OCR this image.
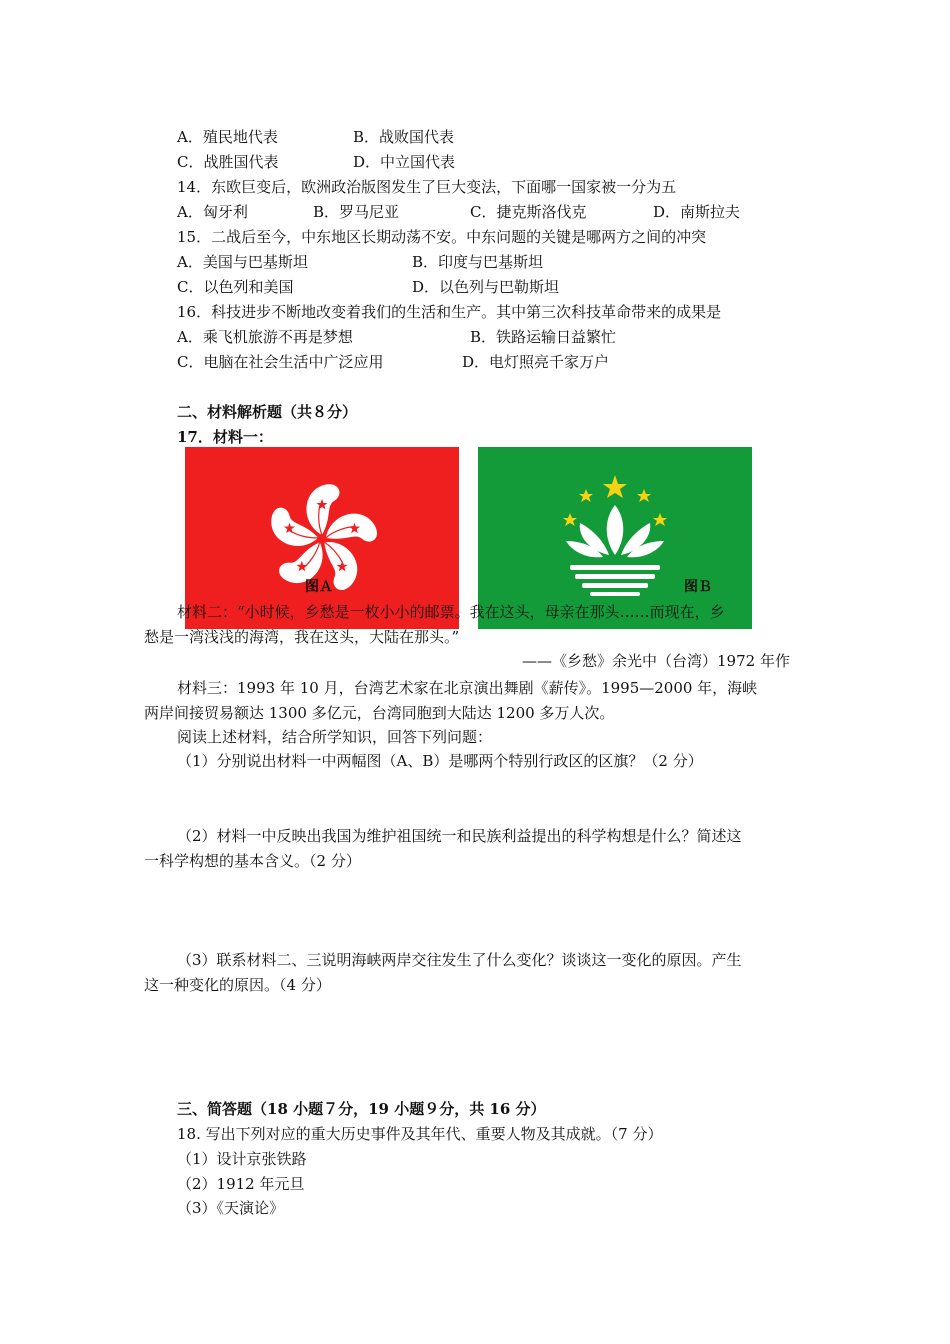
A．殖民地代表	B．战败国代表
C．战胜国代表	D．中立国代表
14．东欧巨变后，欧洲政治版图发生了巨大变法，下面哪一国家被一分为五
A．匈牙利	B．罗马尼亚	C．捷克斯洛伐克	D．南斯拉夫
15．二战后至今，中东地区长期动荡不安。中东问题的关键是哪两方之间的冲突
A．美国与巴基斯坦	B．印度与巴基斯坦
C．以色列和美国	D．以色列与巴勒斯坦
16．科技进步不断地改变着我们的生活和生产。其中第三次科技革命带来的成果是
A．乘飞机旅游不再是梦想	B．铁路运输日益繁忙
C．电脑在社会生活中广泛应用	D．电灯照亮千家万户
二、材料解析题（共８分）
17．材料一：
图Ａ	图Ｂ
材料二：“小时候，乡愁是一枚小小的邮票。我在这头，母亲在那头……而现在，乡
愁是一湾浅浅的海湾，我在这头，大陆在那头。”
——《乡愁》余光中（台湾）1972 年作
材料三：1993 年 10 月，台湾艺术家在北京演出舞剧《薪传》。1995—2000 年，海峡
两岸间接贸易额达 1300 多亿元，台湾同胞到大陆达 1200 多万人次。
阅读上述材料，结合所学知识，回答下列问题：
（1）分别说出材料一中两幅图（A、B）是哪两个特别行政区的区旗？（2 分）
（2）材料一中反映出我国为维护祖国统一和民族利益提出的科学构想是什么？简述这
一科学构想的基本含义。（2 分）
（3）联系材料二、三说明海峡两岸交往发生了什么变化？谈谈这一变化的原因。产生
这一种变化的原因。（4 分）
三、简答题（18 小题７分，19 小题９分，共 16 分）
18. 写出下列对应的重大历史事件及其年代、重要人物及其成就。（7 分）
（1）设计京张铁路
（2）1912 年元旦
（3）《天演论》
